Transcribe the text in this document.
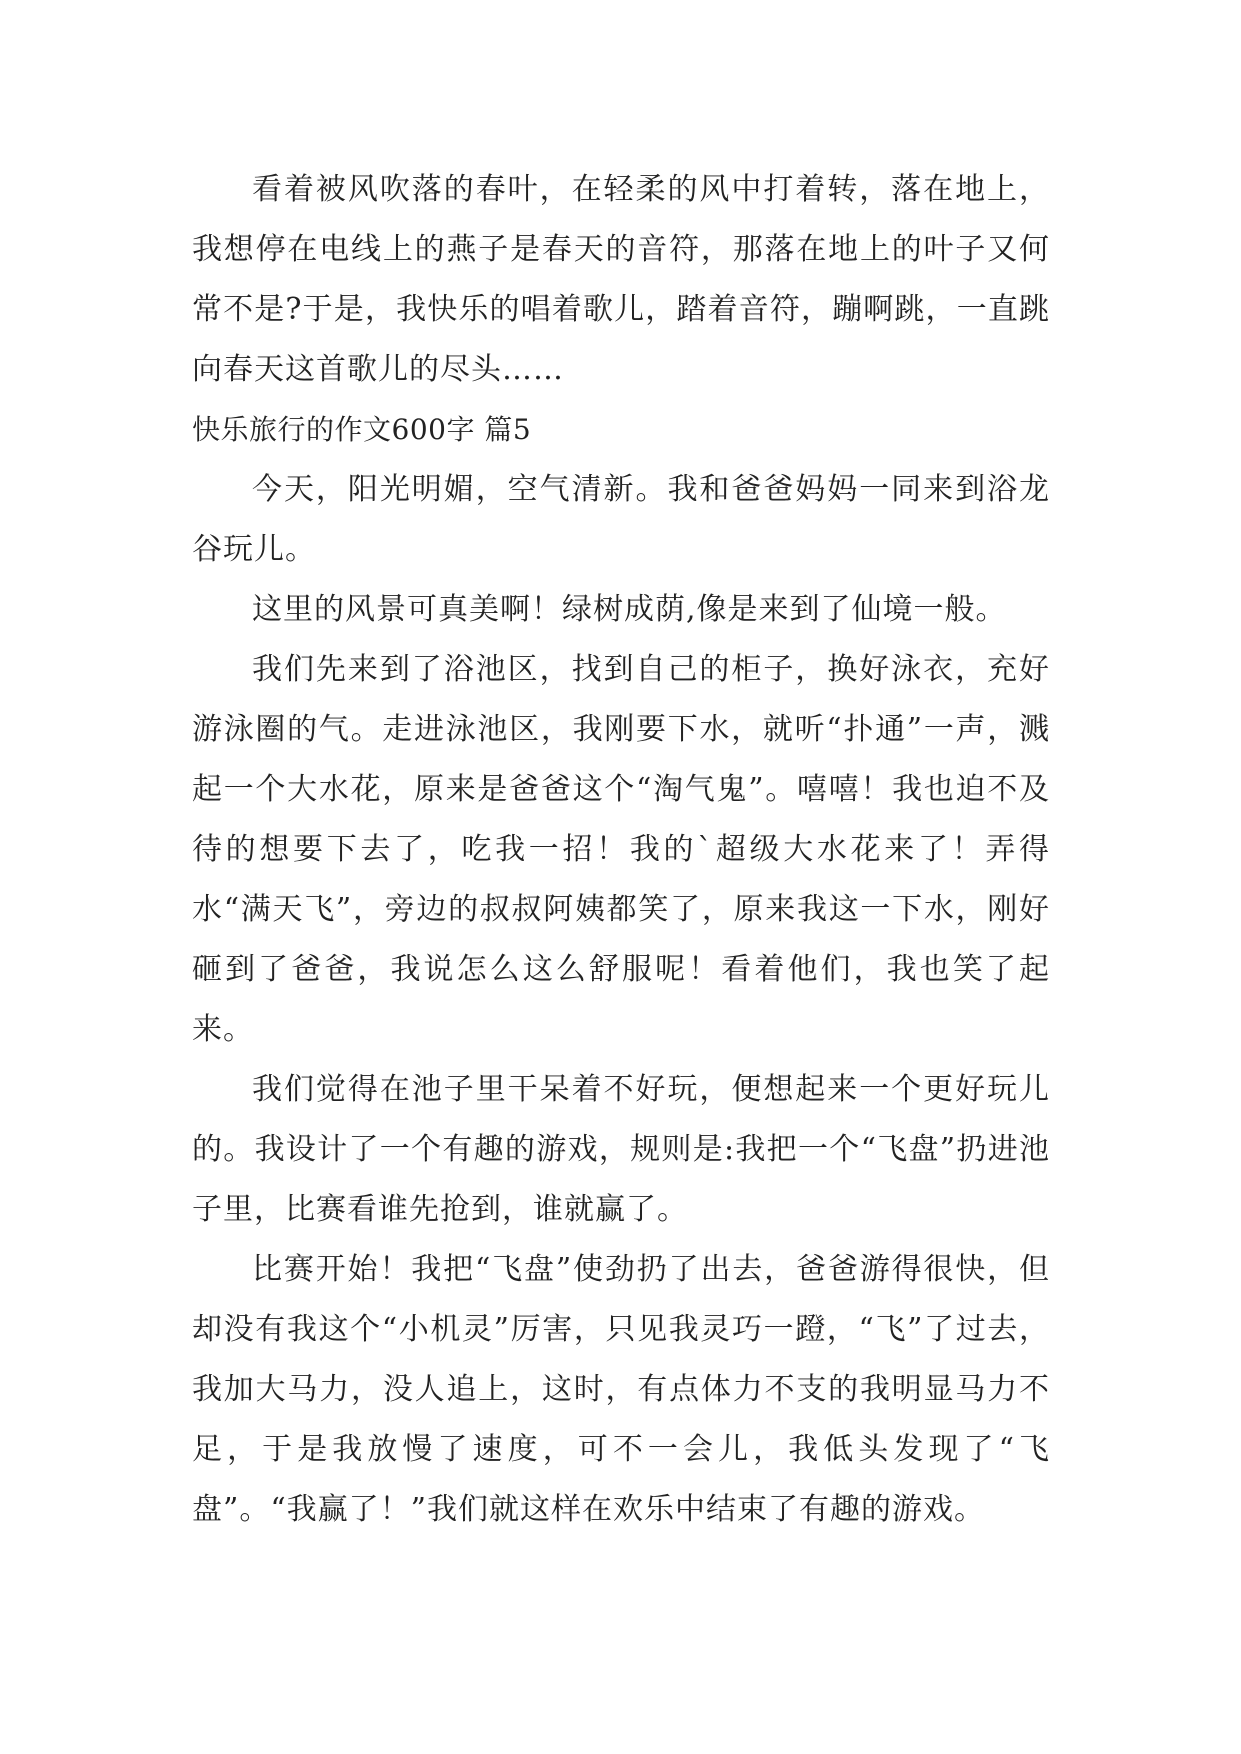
看着被风吹落的春叶，在轻柔的风中打着转，落在地上，我想停在电线上的燕子是春天的音符，那落在地上的叶子又何常不是?于是，我快乐的唱着歌儿，踏着音符，蹦啊跳，一直跳向春天这首歌儿的尽头……

快乐旅行的作文600字 篇5

今天，阳光明媚，空气清新。我和爸爸妈妈一同来到浴龙谷玩儿。

这里的风景可真美啊！绿树成荫,像是来到了仙境一般。

我们先来到了浴池区，找到自己的柜子，换好泳衣，充好游泳圈的气。走进泳池区，我刚要下水，就听“扑通”一声，溅起一个大水花，原来是爸爸这个“淘气鬼”。嘻嘻！我也迫不及待的想要下去了，吃我一招！我的`超级大水花来了！弄得水“满天飞”，旁边的叔叔阿姨都笑了，原来我这一下水，刚好砸到了爸爸，我说怎么这么舒服呢！看着他们，我也笑了起来。

我们觉得在池子里干呆着不好玩，便想起来一个更好玩儿的。我设计了一个有趣的游戏，规则是:我把一个“飞盘”扔进池子里，比赛看谁先抢到，谁就赢了。

比赛开始！我把“飞盘”使劲扔了出去，爸爸游得很快，但却没有我这个“小机灵”厉害，只见我灵巧一蹬，“飞”了过去，我加大马力，没人追上，这时，有点体力不支的我明显马力不足，于是我放慢了速度，可不一会儿，我低头发现了“飞盘”。“我赢了！”我们就这样在欢乐中结束了有趣的游戏。
